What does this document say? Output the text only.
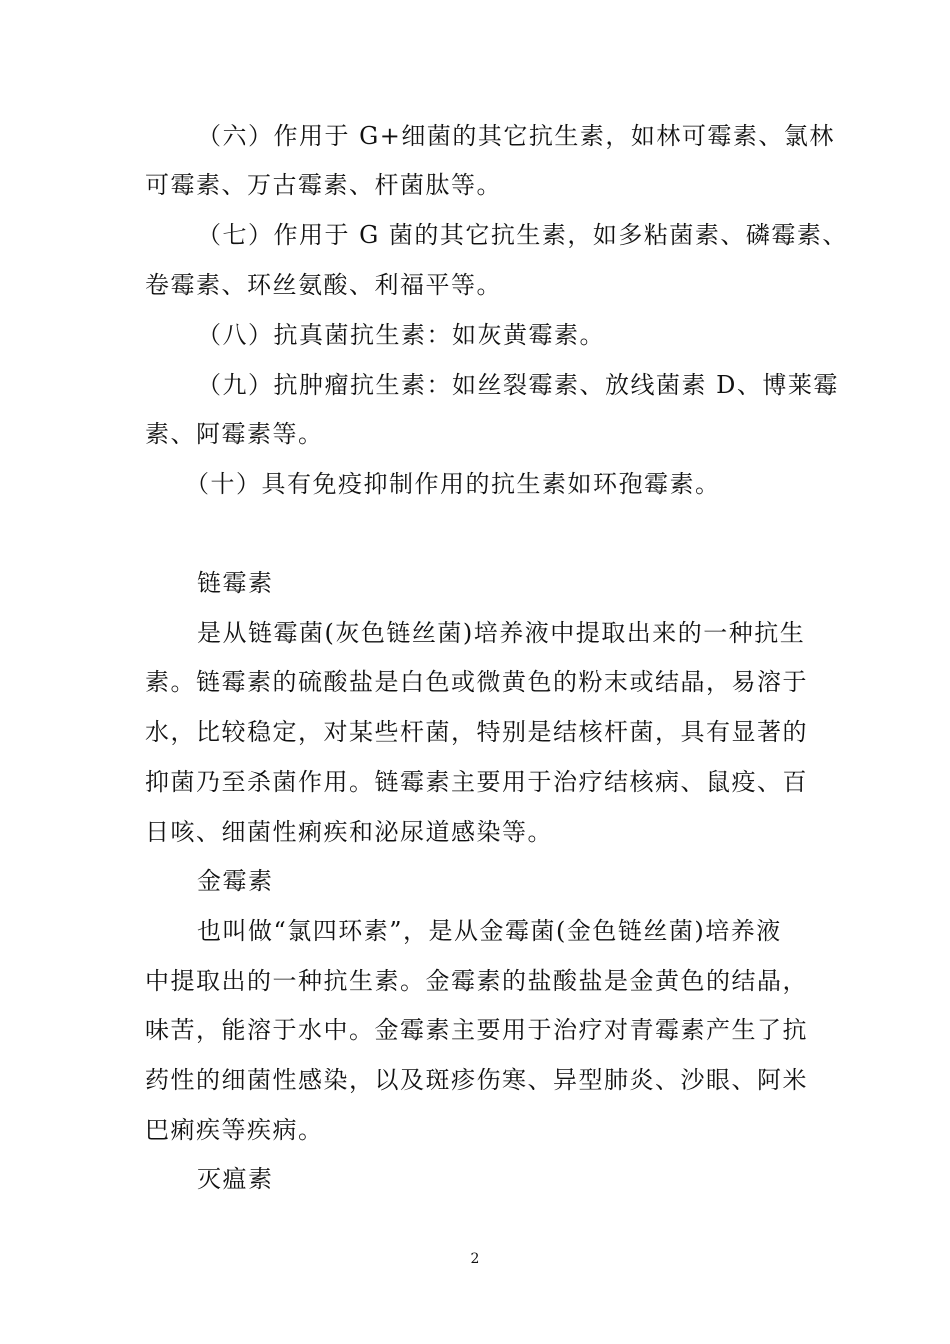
（六）作用于 G+细菌的其它抗生素，如林可霉素、氯林
可霉素、万古霉素、杆菌肽等。
（七）作用于 G 菌的其它抗生素，如多粘菌素、磷霉素、
卷霉素、环丝氨酸、利福平等。
（八）抗真菌抗生素：如灰黄霉素。
（九）抗肿瘤抗生素：如丝裂霉素、放线菌素 D、博莱霉
素、阿霉素等。
（十）具有免疫抑制作用的抗生素如环孢霉素。
链霉素
是从链霉菌(灰色链丝菌)培养液中提取出来的一种抗生
素。链霉素的硫酸盐是白色或微黄色的粉末或结晶，易溶于
水，比较稳定，对某些杆菌，特别是结核杆菌，具有显著的
抑菌乃至杀菌作用。链霉素主要用于治疗结核病、鼠疫、百
日咳、细菌性痢疾和泌尿道感染等。
金霉素
也叫做“氯四环素”，是从金霉菌(金色链丝菌)培养液
中提取出的一种抗生素。金霉素的盐酸盐是金黄色的结晶，
味苦，能溶于水中。金霉素主要用于治疗对青霉素产生了抗
药性的细菌性感染，以及斑疹伤寒、异型肺炎、沙眼、阿米
巴痢疾等疾病。
灭瘟素
2
